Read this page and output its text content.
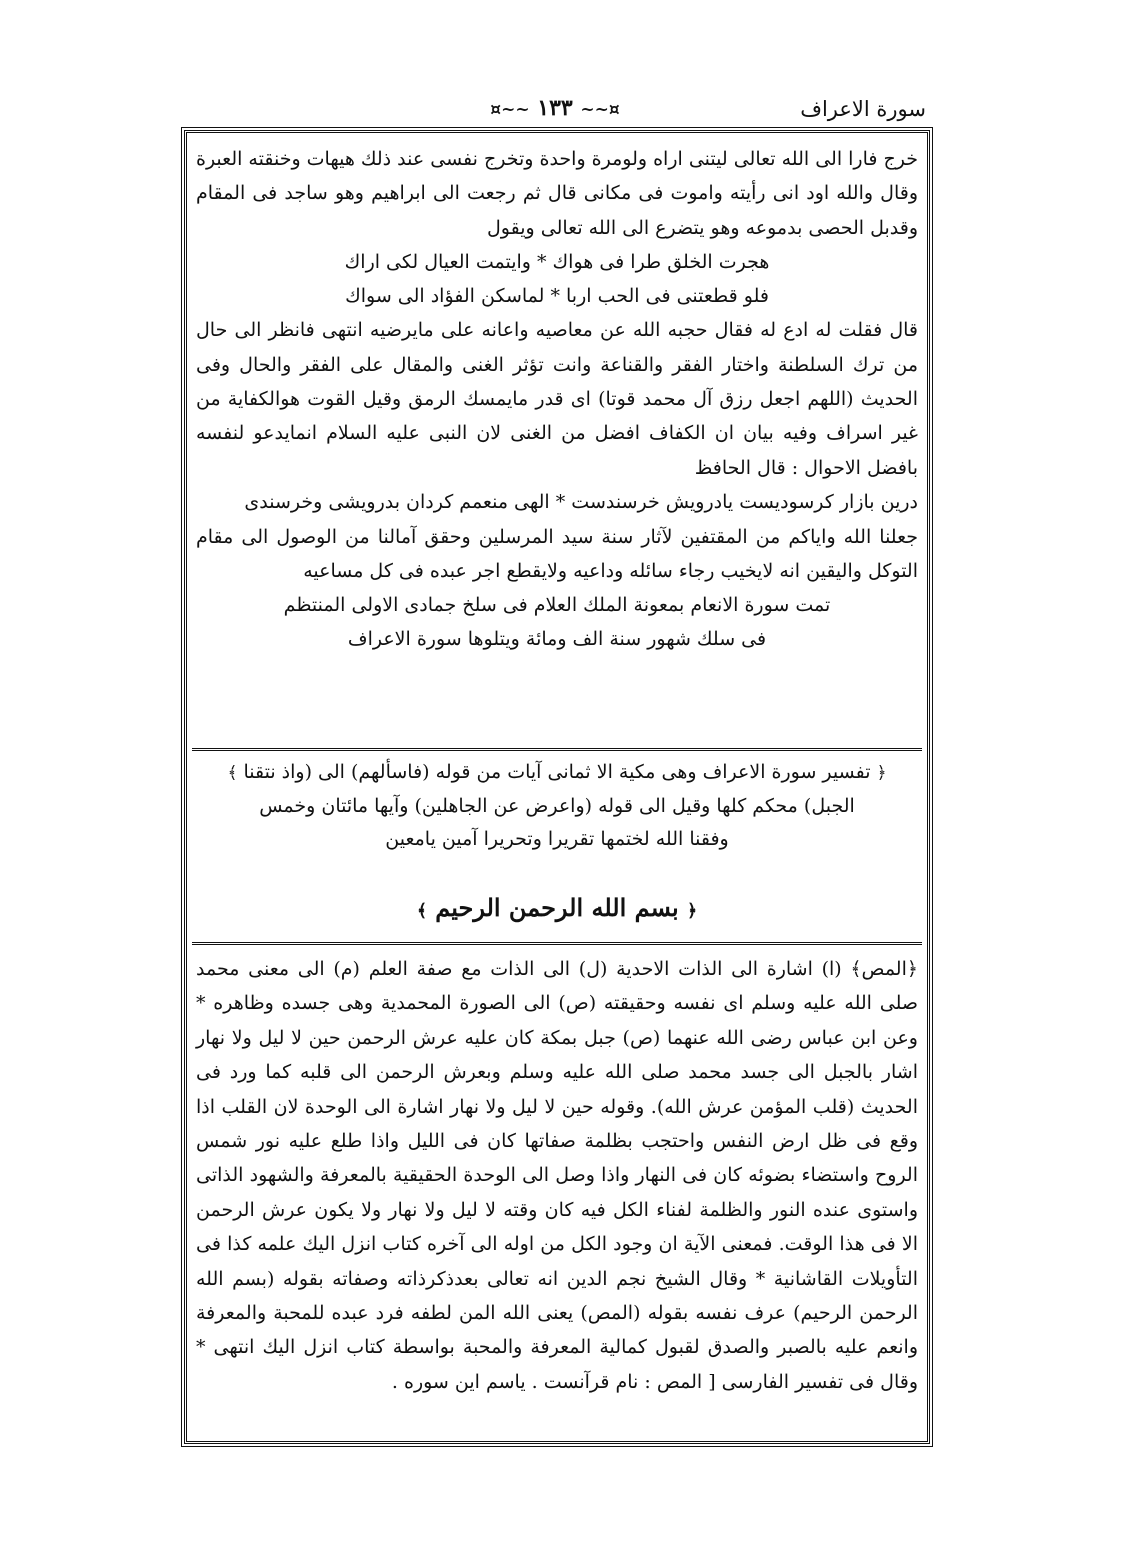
¤~~ ١٣٣ ~~¤	سورة الاعراف

خرج فارا الى الله تعالى ليتنى اراه ولومرة واحدة وتخرج نفسى عند ذلك هيهات وخنقته العبرة وقال والله اود انى رأيته واموت فى مكانى قال ثم رجعت الى ابراهيم وهو ساجد فى المقام وقدبل الحصى بدموعه وهو يتضرع الى الله تعالى ويقول

هجرت الخلق طرا فى هواك * وايتمت العيال لكى اراك

فلو قطعتنى فى الحب اربا * لماسكن الفؤاد الى سواك

قال فقلت له ادع له فقال حجبه الله عن معاصيه واعانه على مايرضيه انتهى فانظر الى حال من ترك السلطنة واختار الفقر والقناعة وانت تؤثر الغنى والمقال على الفقر والحال وفى الحديث (اللهم اجعل رزق آل محمد قوتا) اى قدر مايمسك الرمق وقيل القوت هوالكفاية من غير اسراف وفيه بيان ان الكفاف افضل من الغنى لان النبى عليه السلام انمايدعو لنفسه بافضل الاحوال : قال الحافظ

درين بازار كرسوديست يادرويش خرسندست * الهى منعمم كردان بدرويشى وخرسندى

جعلنا الله واياكم من المقتفين لآثار سنة سيد المرسلين وحقق آمالنا من الوصول الى مقام التوكل واليقين انه لايخيب رجاء سائله وداعيه ولايقطع اجر عبده فى كل مساعيه

تمت سورة الانعام بمعونة الملك العلام فى سلخ جمادى الاولى المنتظم

فى سلك شهور سنة الف ومائة ويتلوها سورة الاعراف

﴿ تفسير سورة الاعراف وهى مكية الا ثمانى آيات من قوله (فاسألهم) الى (واذ نتقنا ﴾

الجبل) محكم كلها وقيل الى قوله (واعرض عن الجاهلين) وآيها مائتان وخمس

وفقنا الله لختمها تقريرا وتحريرا آمين يامعين

﴿ بسم الله الرحمن الرحيم ﴾

﴿المص﴾ (ا) اشارة الى الذات الاحدية (ل) الى الذات مع صفة العلم (م) الى معنى محمد صلى الله عليه وسلم اى نفسه وحقيقته (ص) الى الصورة المحمدية وهى جسده وظاهره * وعن ابن عباس رضى الله عنهما (ص) جبل بمكة كان عليه عرش الرحمن حين لا ليل ولا نهار اشار بالجبل الى جسد محمد صلى الله عليه وسلم وبعرش الرحمن الى قلبه كما ورد فى الحديث (قلب المؤمن عرش الله). وقوله حين لا ليل ولا نهار اشارة الى الوحدة لان القلب اذا وقع فى ظل ارض النفس واحتجب بظلمة صفاتها كان فى الليل واذا طلع عليه نور شمس الروح واستضاء بضوئه كان فى النهار واذا وصل الى الوحدة الحقيقية بالمعرفة والشهود الذاتى واستوى عنده النور والظلمة لفناء الكل فيه كان وقته لا ليل ولا نهار ولا يكون عرش الرحمن الا فى هذا الوقت. فمعنى الآية ان وجود الكل من اوله الى آخره كتاب انزل اليك علمه كذا فى التأويلات القاشانية * وقال الشيخ نجم الدين انه تعالى بعدذكرذاته وصفاته بقوله (بسم الله الرحمن الرحيم) عرف نفسه بقوله (المص) يعنى الله المن لطفه فرد عبده للمحبة والمعرفة وانعم عليه بالصبر والصدق لقبول كمالية المعرفة والمحبة بواسطة كتاب انزل اليك انتهى * وقال فى تفسير الفارسى [ المص : نام قرآنست . ياسم اين سوره .
